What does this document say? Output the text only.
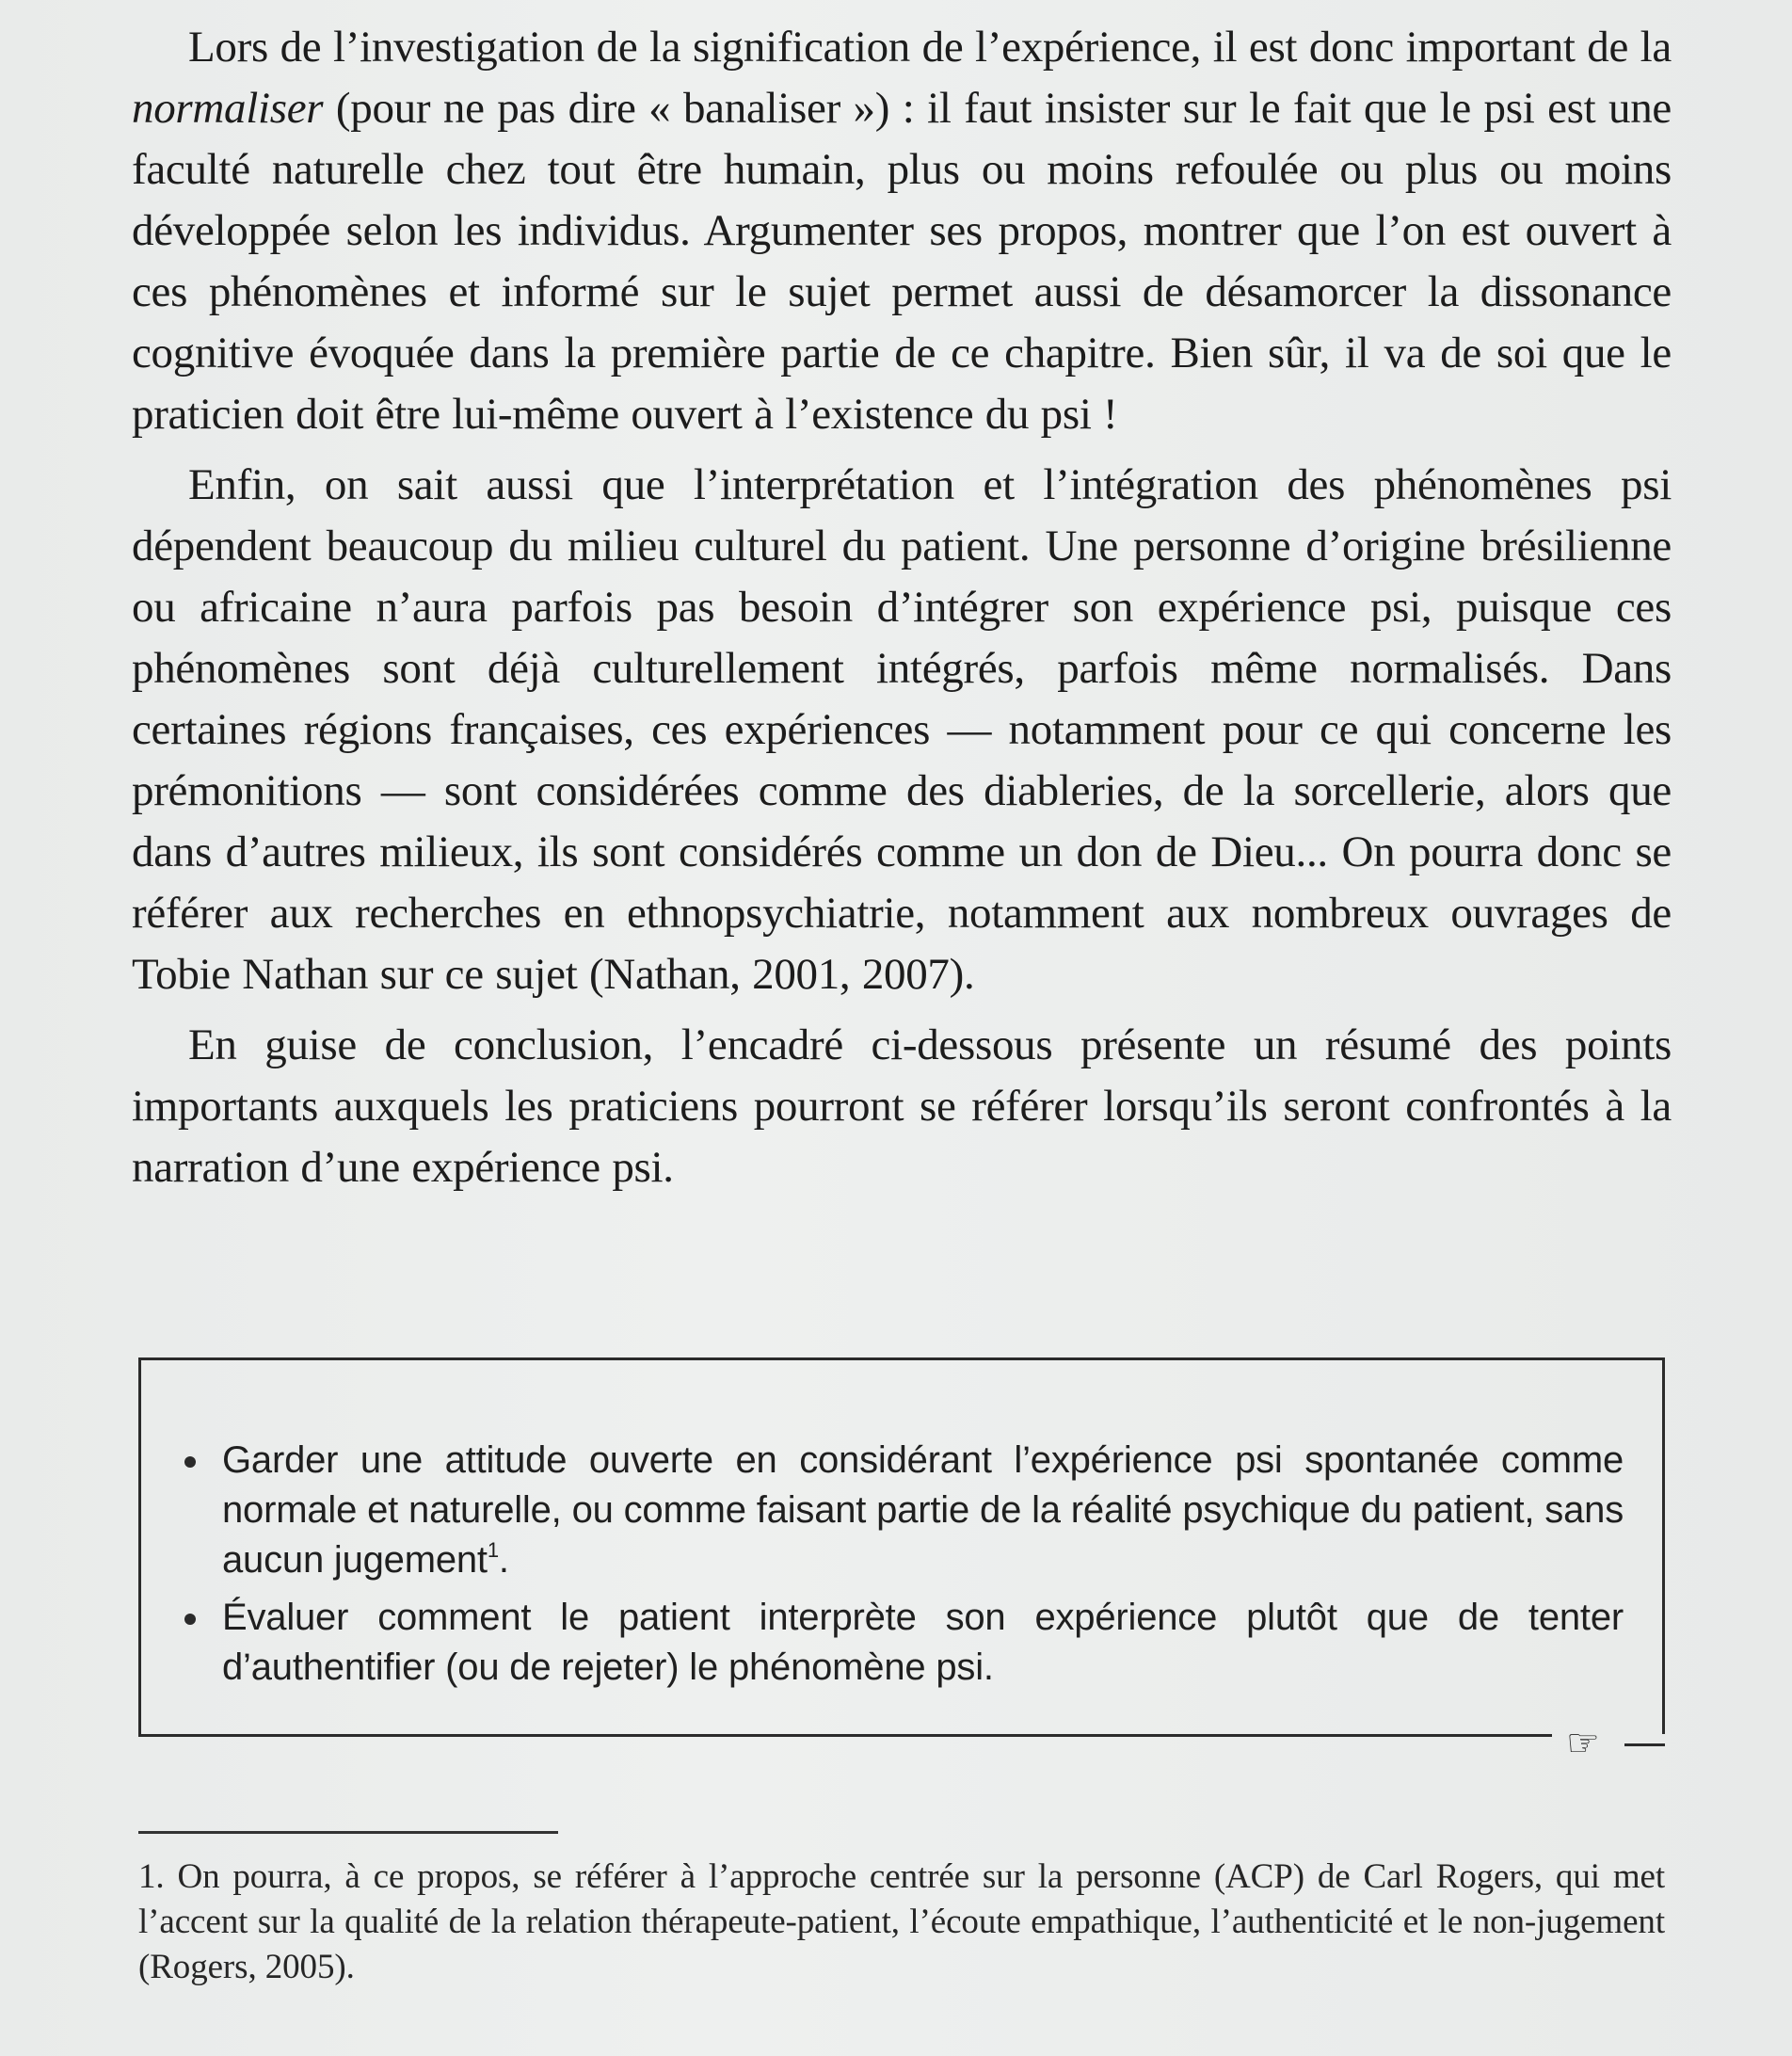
Lors de l’investigation de la signification de l’expérience, il est donc important de la normaliser (pour ne pas dire « banaliser ») : il faut insister sur le fait que le psi est une faculté naturelle chez tout être humain, plus ou moins refoulée ou plus ou moins développée selon les individus. Argumenter ses propos, montrer que l’on est ouvert à ces phénomènes et informé sur le sujet permet aussi de désamorcer la dissonance cognitive évoquée dans la première partie de ce chapitre. Bien sûr, il va de soi que le praticien doit être lui-même ouvert à l’existence du psi !

Enfin, on sait aussi que l’interprétation et l’intégration des phénomènes psi dépendent beaucoup du milieu culturel du patient. Une personne d’origine brésilienne ou africaine n’aura parfois pas besoin d’intégrer son expérience psi, puisque ces phénomènes sont déjà culturellement intégrés, parfois même normalisés. Dans certaines régions françaises, ces expériences — notamment pour ce qui concerne les prémonitions — sont considérées comme des diableries, de la sorcellerie, alors que dans d’autres milieux, ils sont considérés comme un don de Dieu... On pourra donc se référer aux recherches en ethnopsychiatrie, notamment aux nombreux ouvrages de Tobie Nathan sur ce sujet (Nathan, 2001, 2007).

En guise de conclusion, l’encadré ci-dessous présente un résumé des points importants auxquels les praticiens pourront se référer lorsqu’ils seront confrontés à la narration d’une expérience psi.

☞
Garder une attitude ouverte en considérant l’expérience psi spontanée comme normale et naturelle, ou comme faisant partie de la réalité psychique du patient, sans aucun jugement$^1$.
Évaluer comment le patient interprète son expérience plutôt que de tenter d’authentifier (ou de rejeter) le phénomène psi.

1. On pourra, à ce propos, se référer à l’approche centrée sur la personne (ACP) de Carl Rogers, qui met l’accent sur la qualité de la relation thérapeute-patient, l’écoute empathique, l’authenticité et le non-jugement (Rogers, 2005).
